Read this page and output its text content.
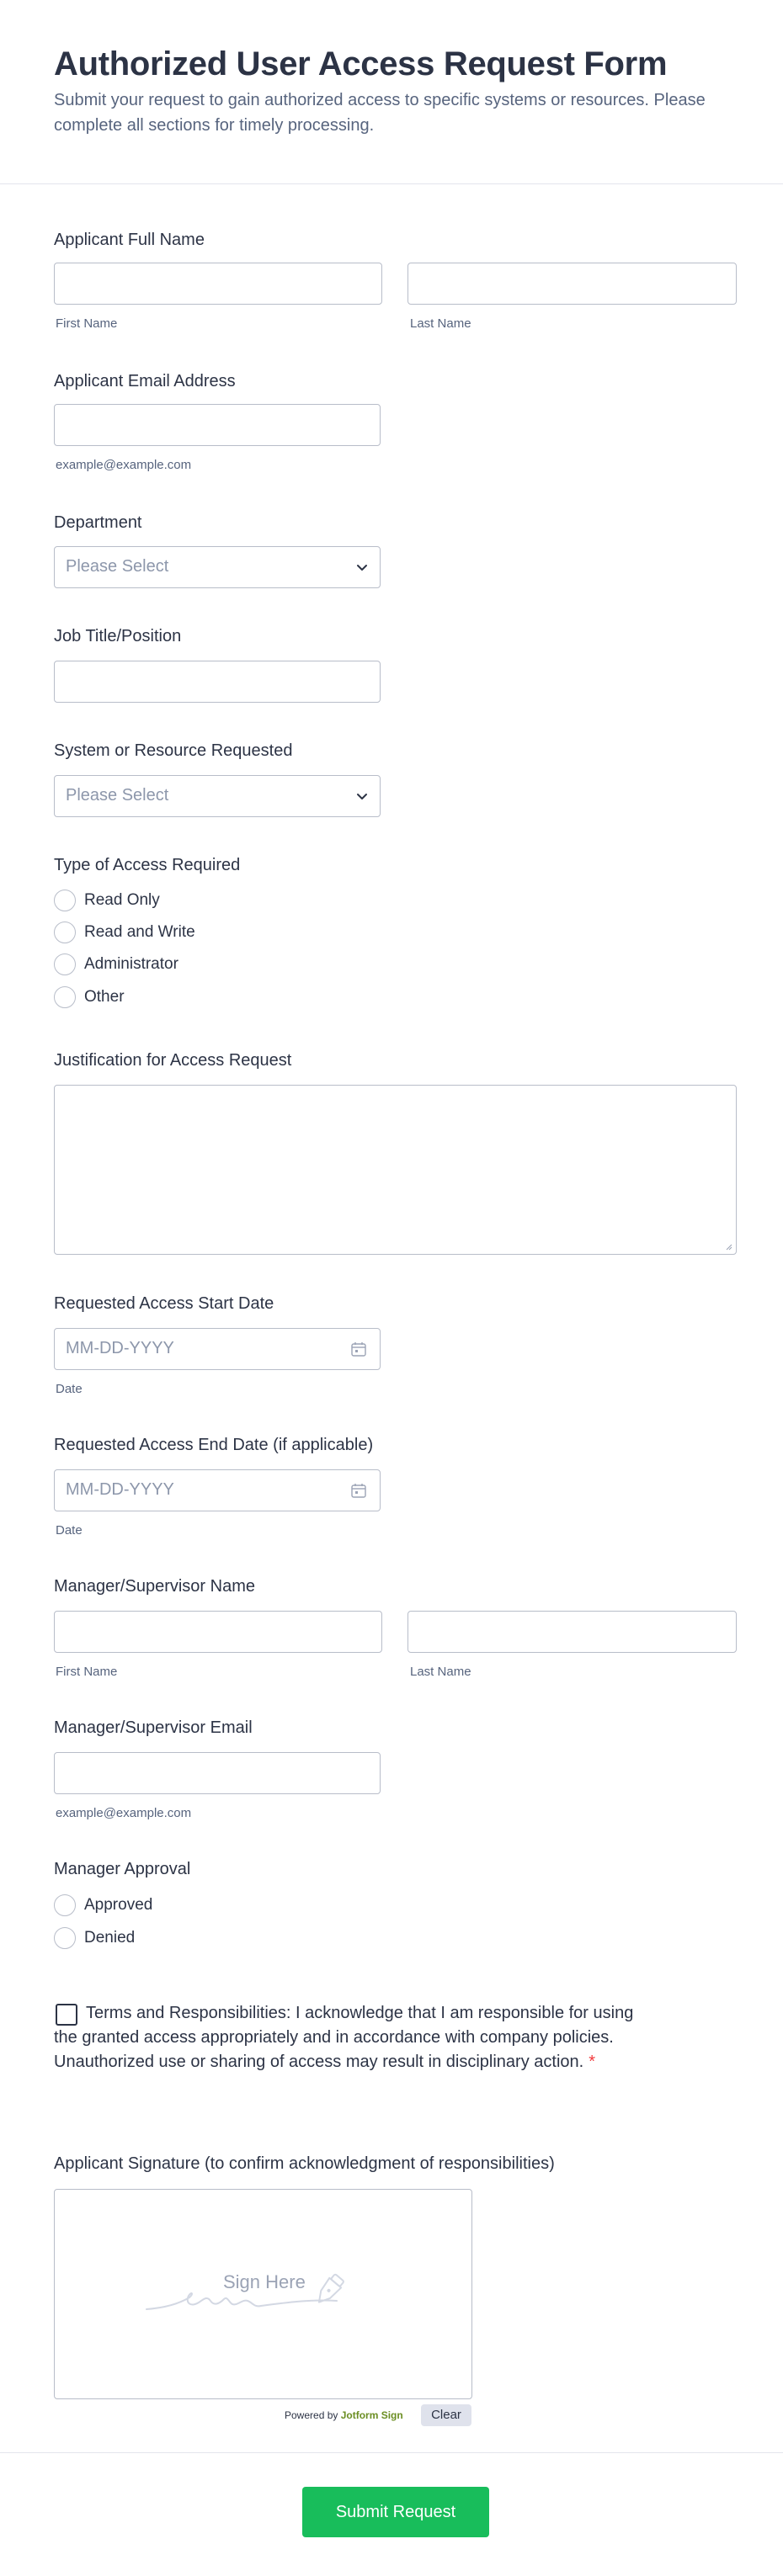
Authorized User Access Request Form

Submit your request to gain authorized access to specific systems or resources. Please complete all sections for timely processing.

Applicant Full Name
First Name	Last Name
Applicant Email Address
example@example.com
Department
Please Select
Job Title/Position
System or Resource Requested
Please Select
Type of Access Required
Read Only
Read and Write
Administrator
Other
Justification for Access Request
Requested Access Start Date
MM-DD-YYYY
Date
Requested Access End Date (if applicable)
MM-DD-YYYY
Date
Manager/Supervisor Name
First Name	Last Name
Manager/Supervisor Email
example@example.com
Manager Approval
Approved
Denied
Terms and Responsibilities: I acknowledge that I am responsible for using the granted access appropriately and in accordance with company policies. Unauthorized use or sharing of access may result in disciplinary action. *
Applicant Signature (to confirm acknowledgment of responsibilities)
Sign Here
Powered by Jotform Sign	Clear
Submit Request
